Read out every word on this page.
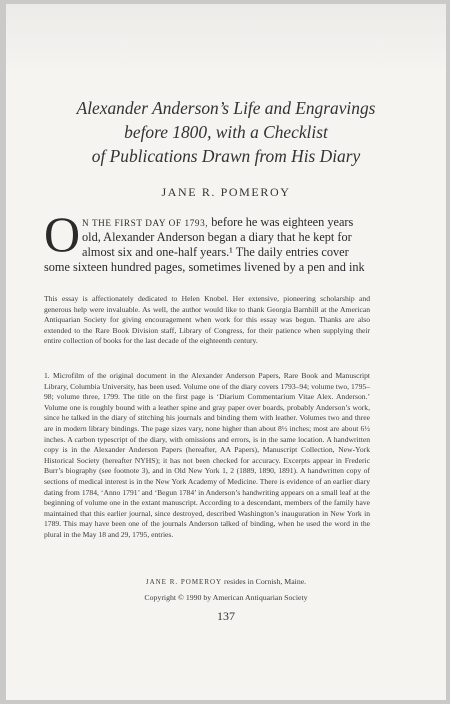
Alexander Anderson’s Life and Engravings
before 1800, with a Checklist
of Publications Drawn from His Diary
JANE R. POMEROY
O N THE FIRST DAY OF 1793, before he was eighteen years
old, Alexander Anderson began a diary that he kept for
almost six and one-half years.¹ The daily entries cover
some sixteen hundred pages, sometimes livened by a pen and ink
This essay is affectionately dedicated to Helen Knobel. Her extensive, pioneering scholarship and generous help were invaluable. As well, the author would like to thank Georgia Barnhill at the American Antiquarian Society for giving encouragement when work for this essay was begun. Thanks are also extended to the Rare Book Division staff, Library of Congress, for their patience when supplying their entire collection of books for the last decade of the eighteenth century.
1. Microfilm of the original document in the Alexander Anderson Papers, Rare Book and Manuscript Library, Columbia University, has been used. Volume one of the diary covers 1793–94; volume two, 1795–98; volume three, 1799. The title on the first page is ‘Diarium Commentarium Vitae Alex. Anderson.’ Volume one is roughly bound with a leather spine and gray paper over boards, probably Anderson’s work, since he talked in the diary of stitching his journals and binding them with leather. Volumes two and three are in modern library bindings. The page sizes vary, none higher than about 8½ inches; most are about 6½ inches. A carbon typescript of the diary, with omissions and errors, is in the same location. A handwritten copy is in the Alexander Anderson Papers (hereafter, AA Papers), Manuscript Collection, New-York Historical Society (hereafter NYHS); it has not been checked for accuracy. Excerpts appear in Frederic Burr’s biography (see footnote 3), and in Old New York 1, 2 (1889, 1890, 1891). A handwritten copy of sections of medical interest is in the New York Academy of Medicine. There is evidence of an earlier diary dating from 1784, ‘Anno 1791’ and ‘Begun 1784’ in Anderson’s handwriting appears on a small leaf at the beginning of volume one in the extant manuscript. According to a descendant, members of the family have maintained that this earlier journal, since destroyed, described Washington’s inauguration in New York in 1789. This may have been one of the journals Anderson talked of binding, when he used the word in the plural in the May 18 and 29, 1795, entries.
JANE R. POMEROY resides in Cornish, Maine.
Copyright © 1990 by American Antiquarian Society
137
